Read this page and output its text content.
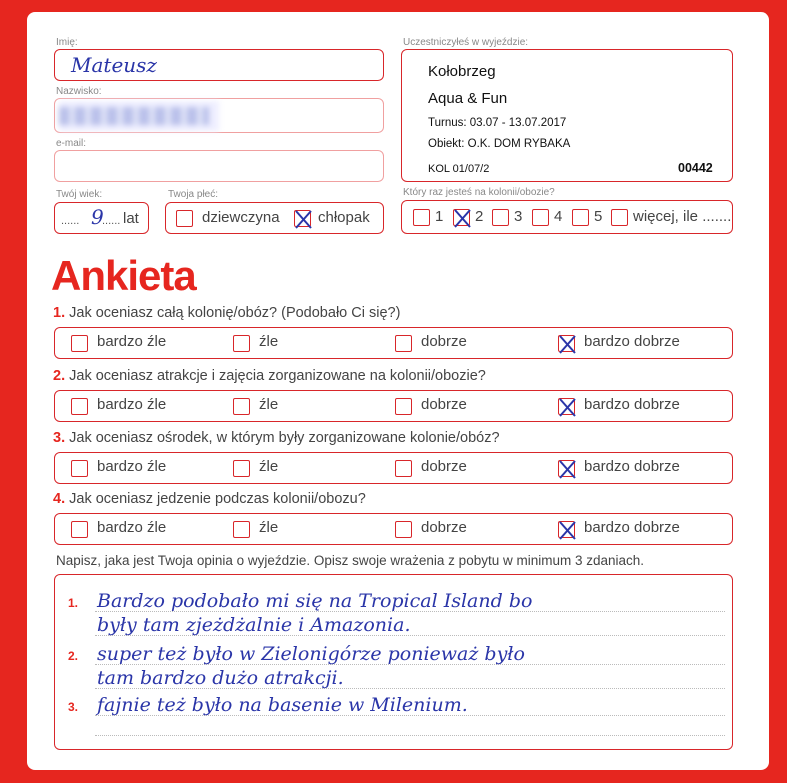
Imię:
Mateusz
Nazwisko:
e-mail:
Twój wiek:
...... 9
...... lat
Twoja płeć:
dziewczyna	chłopak
Uczestniczyłeś w wyjeździe:
Kołobrzeg
Aqua & Fun
Turnus: 03.07 - 13.07.2017
Obiekt: O.K. DOM RYBAKA
KOL 01/07/2	00442
Który raz jesteś na kolonii/obozie?
1 2 3 4 5 więcej, ile .......
Ankieta
1. Jak oceniasz całą kolonię/obóz? (Podobało Ci się?)
bardzo źle	źle	dobrze	bardzo dobrze
2. Jak oceniasz atrakcje i zajęcia zorganizowane na kolonii/obozie?
bardzo źle	źle	dobrze	bardzo dobrze
3. Jak oceniasz ośrodek, w którym były zorganizowane kolonie/obóz?
bardzo źle	źle	dobrze	bardzo dobrze
4. Jak oceniasz jedzenie podczas kolonii/obozu?
bardzo źle	źle	dobrze	bardzo dobrze
Napisz, jaka jest Twoja opinia o wyjeździe. Opisz swoje wrażenia z pobytu w minimum 3 zdaniach.
1. Bardzo podobało mi się na Tropical Island bo
były tam zjeżdżalnie i Amazonia.
2. super też było w Zielonigórze ponieważ było
tam bardzo dużo atrakcji.
3. fajnie też było na basenie w Milenium.
